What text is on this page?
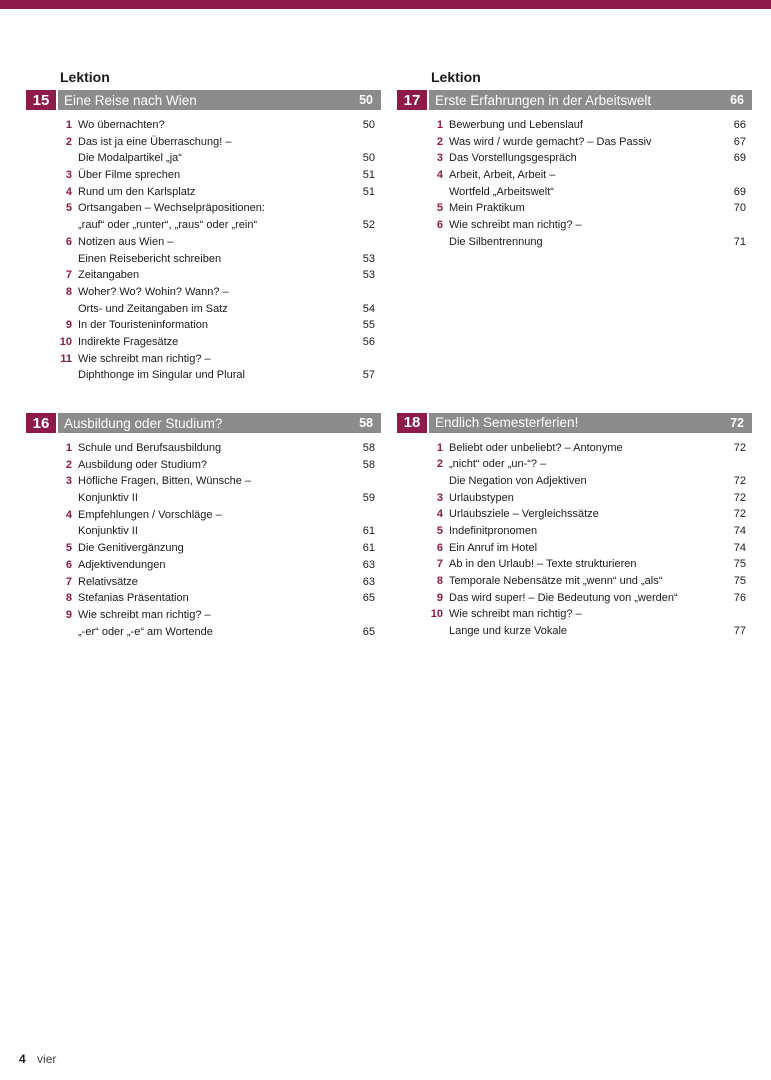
Lektion
15	Eine Reise nach Wien	50
1 Wo übernachten?	50
2 Das ist ja eine Überraschung! –
Die Modalpartikel „ja“	50
3 Über Filme sprechen	51
4 Rund um den Karlsplatz	51
5 Ortsangaben – Wechselpräpositionen:
„rauf“ oder „runter“, „raus“ oder „rein“	52
6 Notizen aus Wien –
Einen Reisebericht schreiben	53
7 Zeitangaben	53
8 Woher? Wo? Wohin? Wann? –
Orts- und Zeitangaben im Satz	54
9 In der Touristeninformation	55
10 Indirekte Fragesätze	56
11 Wie schreibt man richtig? –
Diphthonge im Singular und Plural	57
16	Ausbildung oder Studium?	58
1 Schule und Berufsausbildung	58
2 Ausbildung oder Studium?	58
3 Höfliche Fragen, Bitten, Wünsche –
Konjunktiv II	59
4 Empfehlungen / Vorschläge –
Konjunktiv II	61
5 Die Genitivergänzung	61
6 Adjektivendungen	63
7 Relativsätze	63
8 Stefanias Präsentation	65
9 Wie schreibt man richtig? –
„-er“ oder „-e“ am Wortende	65
Lektion
17	Erste Erfahrungen in der Arbeitswelt	66
1 Bewerbung und Lebenslauf	66
2 Was wird / wurde gemacht? – Das Passiv	67
3 Das Vorstellungsgespräch	69
4 Arbeit, Arbeit, Arbeit –
Wortfeld „Arbeitswelt“	69
5 Mein Praktikum	70
6 Wie schreibt man richtig? –
Die Silbentrennung	71
18	Endlich Semesterferien!	72
1 Beliebt oder unbeliebt? – Antonyme	72
2 „nicht“ oder „un-“? –
Die Negation von Adjektiven	72
3 Urlaubstypen	72
4 Urlaubsziele – Vergleichssätze	72
5 Indefinitpronomen	74
6 Ein Anruf im Hotel	74
7 Ab in den Urlaub! – Texte strukturieren	75
8 Temporale Nebensätze mit „wenn“ und „als“	75
9 Das wird super! – Die Bedeutung von „werden“	76
10 Wie schreibt man richtig? –
Lange und kurze Vokale	77
4 vier
